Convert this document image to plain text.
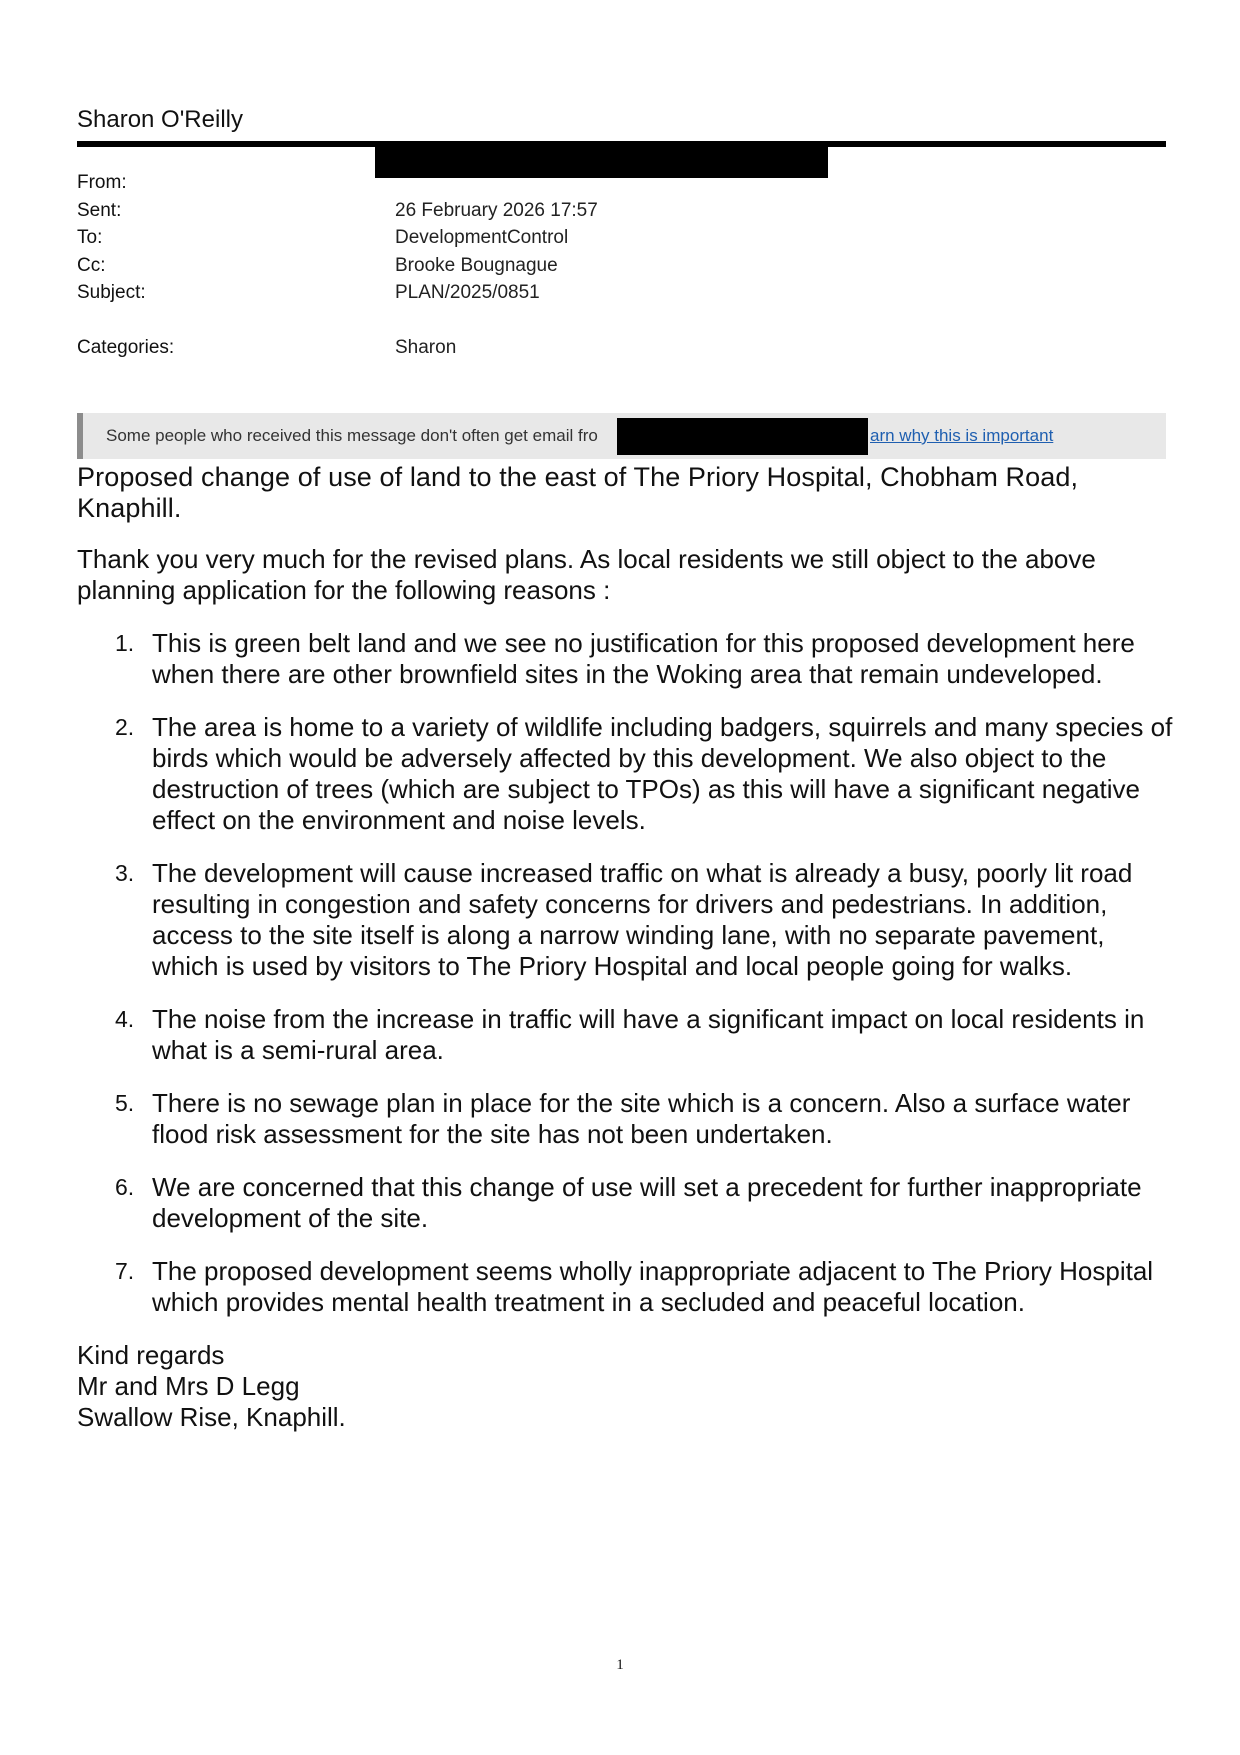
Sharon O'Reilly
From:
Sent:	26 February 2026 17:57
To:	DevelopmentControl
Cc:	Brooke Bougnague
Subject:	PLAN/2025/0851
Categories:	Sharon
Some people who received this message don't often get email fro	arn why this is important
Proposed change of use of land to the east of The Priory Hospital, Chobham Road, Knaphill.
Thank you very much for the revised plans. As local residents we still object to the above planning application for the following reasons :
1. This is green belt land and we see no justification for this proposed development here when there are other brownfield sites in the Woking area that remain undeveloped.
2. The area is home to a variety of wildlife including badgers, squirrels and many species of birds which would be adversely affected by this development. We also object to the destruction of trees (which are subject to TPOs) as this will have a significant negative effect on the environment and noise levels.
3. The development will cause increased traffic on what is already a busy, poorly lit road resulting in congestion and safety concerns for drivers and pedestrians. In addition, access to the site itself is along a narrow winding lane, with no separate pavement, which is used by visitors to The Priory Hospital and local people going for walks.
4. The noise from the increase in traffic will have a significant impact on local residents in what is a semi-rural area.
5. There is no sewage plan in place for the site which is a concern. Also a surface water flood risk assessment for the site has not been undertaken.
6. We are concerned that this change of use will set a precedent for further inappropriate development of the site.
7. The proposed development seems wholly inappropriate adjacent to The Priory Hospital which provides mental health treatment in a secluded and peaceful location.
Kind regards
Mr and Mrs D Legg
Swallow Rise, Knaphill.
1
